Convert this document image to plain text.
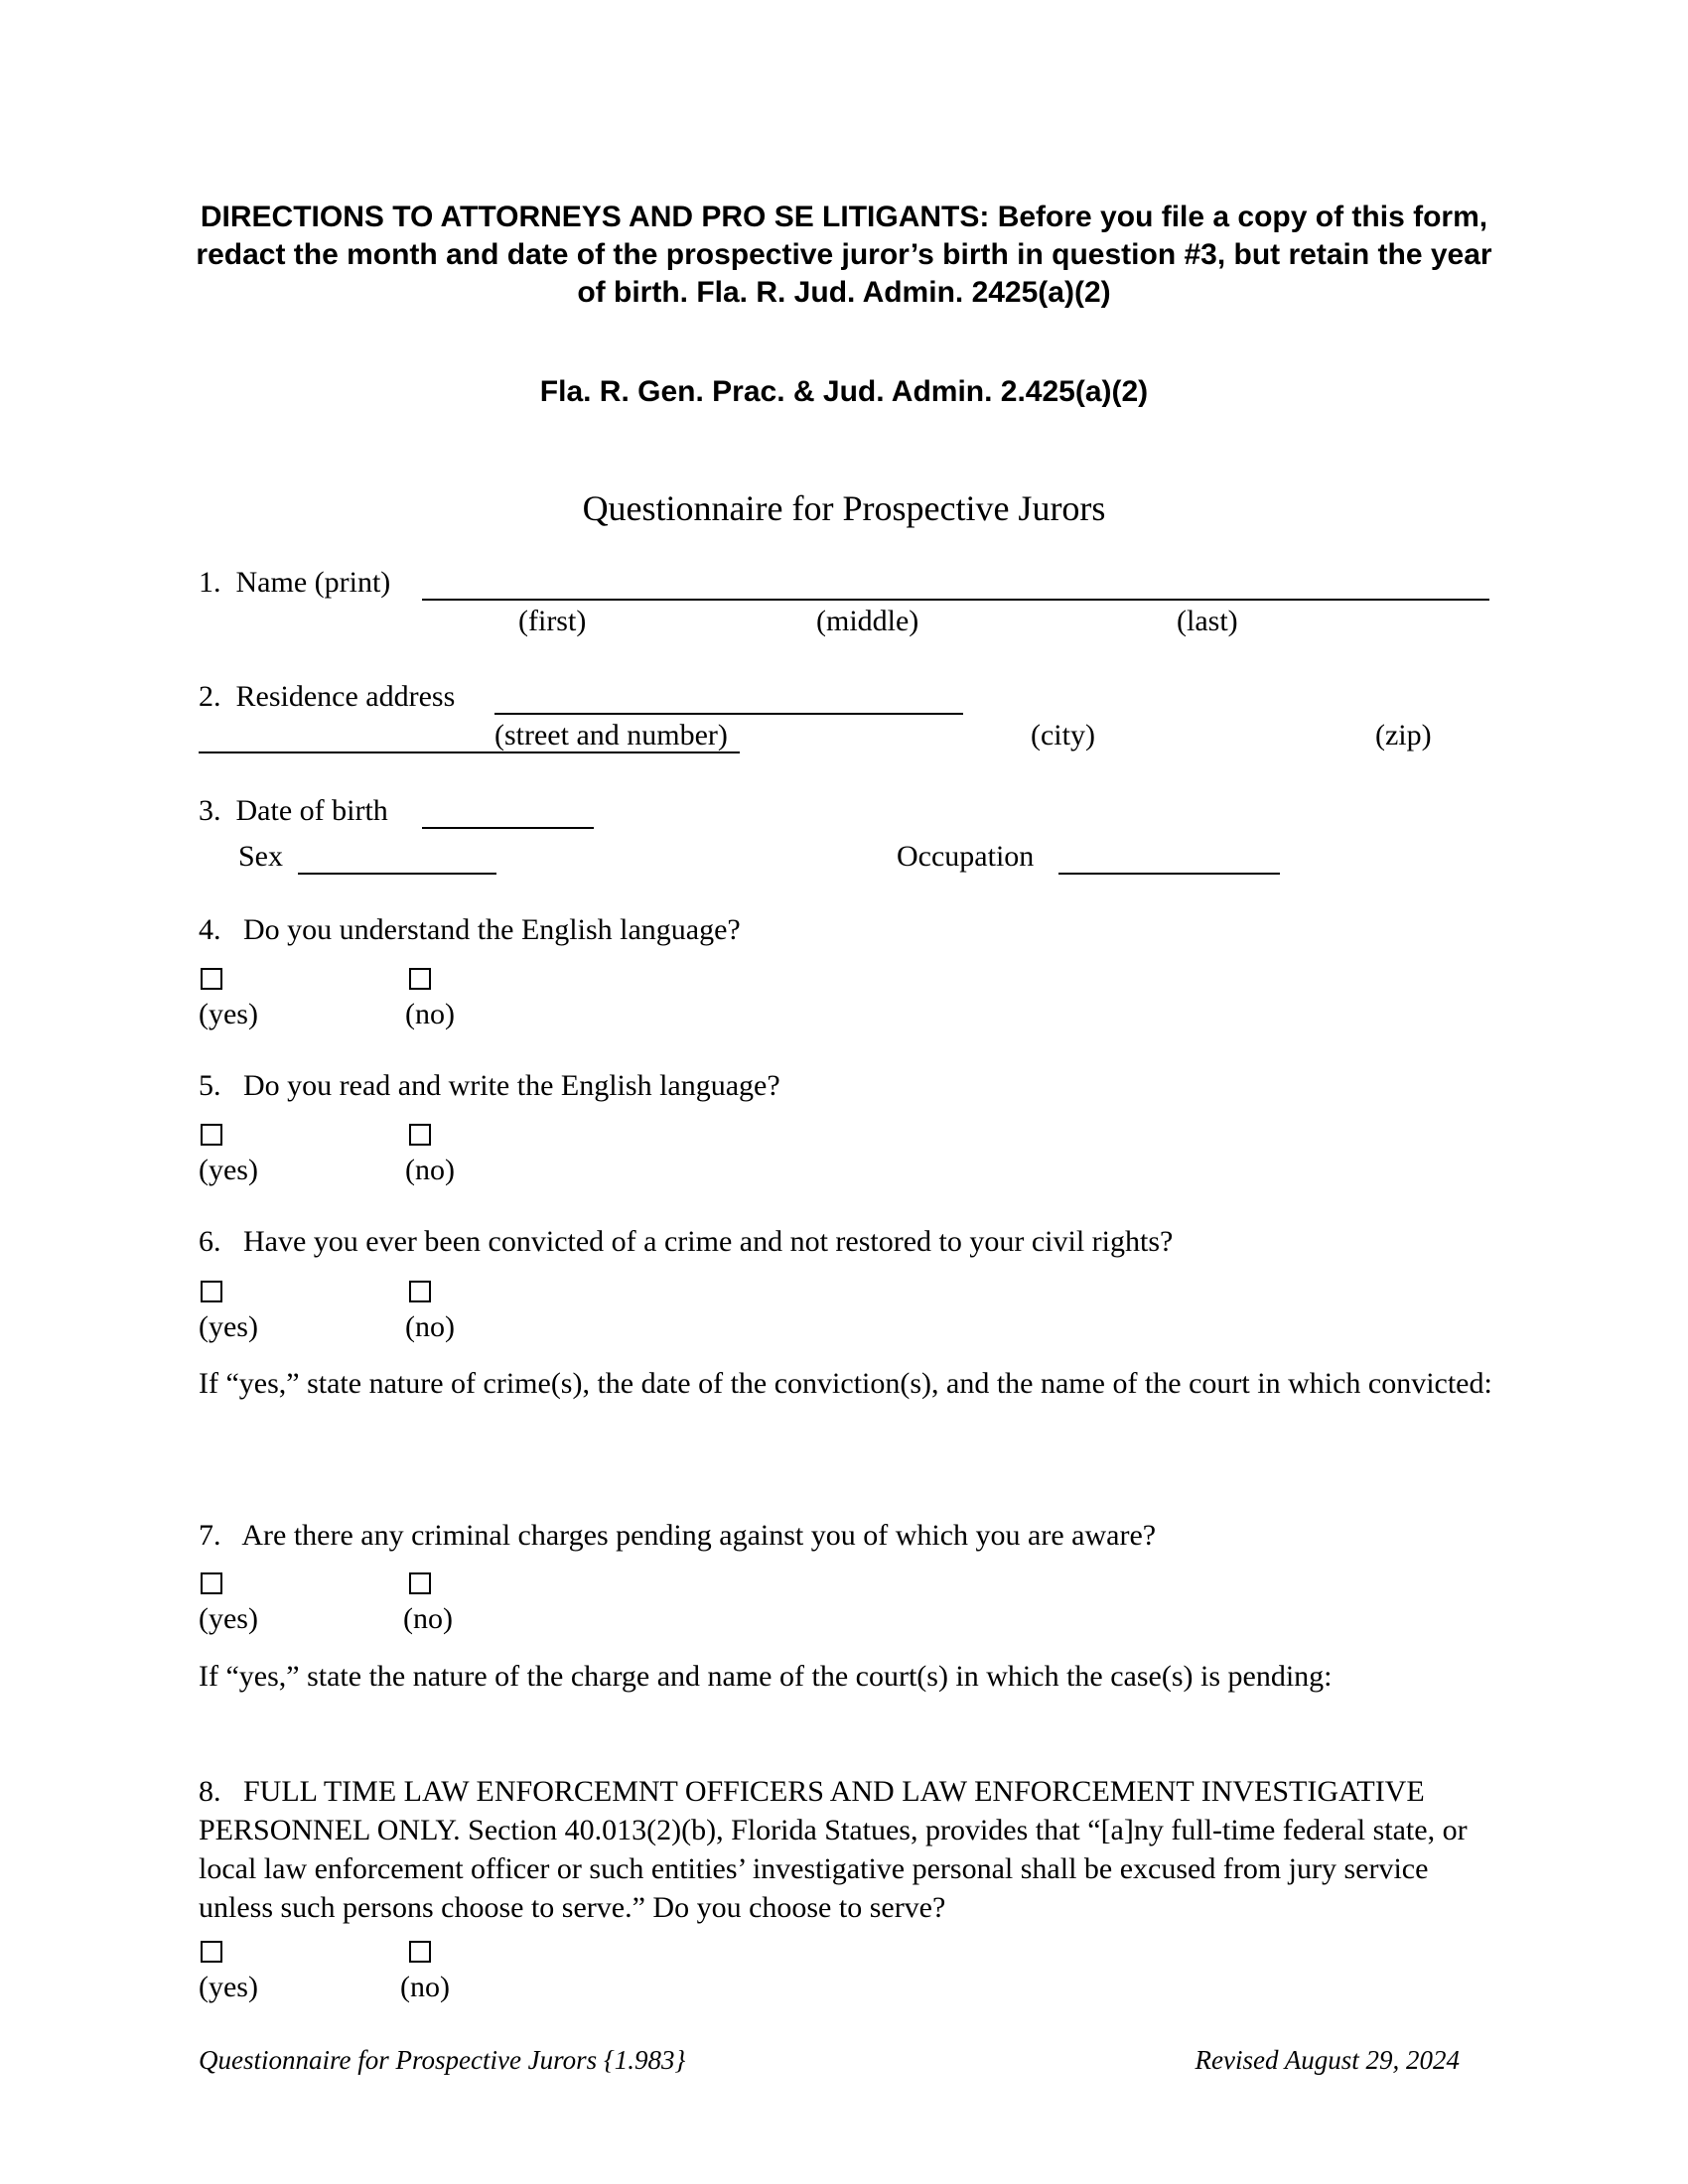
DIRECTIONS TO ATTORNEYS AND PRO SE LITIGANTS: Before you file a copy of this form, redact the month and date of the prospective juror’s birth in question #3, but retain the year of birth. Fla. R. Jud. Admin. 2425(a)(2)
Fla. R. Gen. Prac. & Jud. Admin. 2.425(a)(2)
Questionnaire for Prospective Jurors
1.  Name (print)
(first)	(middle)	(last)
2.  Residence address
(street and number)	(city)	(zip)
3.  Date of birth
Sex	Occupation
4.   Do you understand the English language?
(yes)	(no)
5.   Do you read and write the English language?
(yes)	(no)
6.   Have you ever been convicted of a crime and not restored to your civil rights?
(yes)	(no)
If “yes,” state nature of crime(s), the date of the conviction(s), and the name of the court in which convicted:
7.   Are there any criminal charges pending against you of which you are aware?
(yes)	(no)
If “yes,” state the nature of the charge and name of the court(s) in which the case(s) is pending:
8.   FULL TIME LAW ENFORCEMNT OFFICERS AND LAW ENFORCEMENT INVESTIGATIVE PERSONNEL ONLY. Section 40.013(2)(b), Florida Statues, provides that “[a]ny full-time federal state, or local law enforcement officer or such entities’ investigative personal shall be excused from jury service unless such persons choose to serve.” Do you choose to serve?
(yes)	(no)
Questionnaire for Prospective Jurors {1.983}	Revised August 29, 2024
